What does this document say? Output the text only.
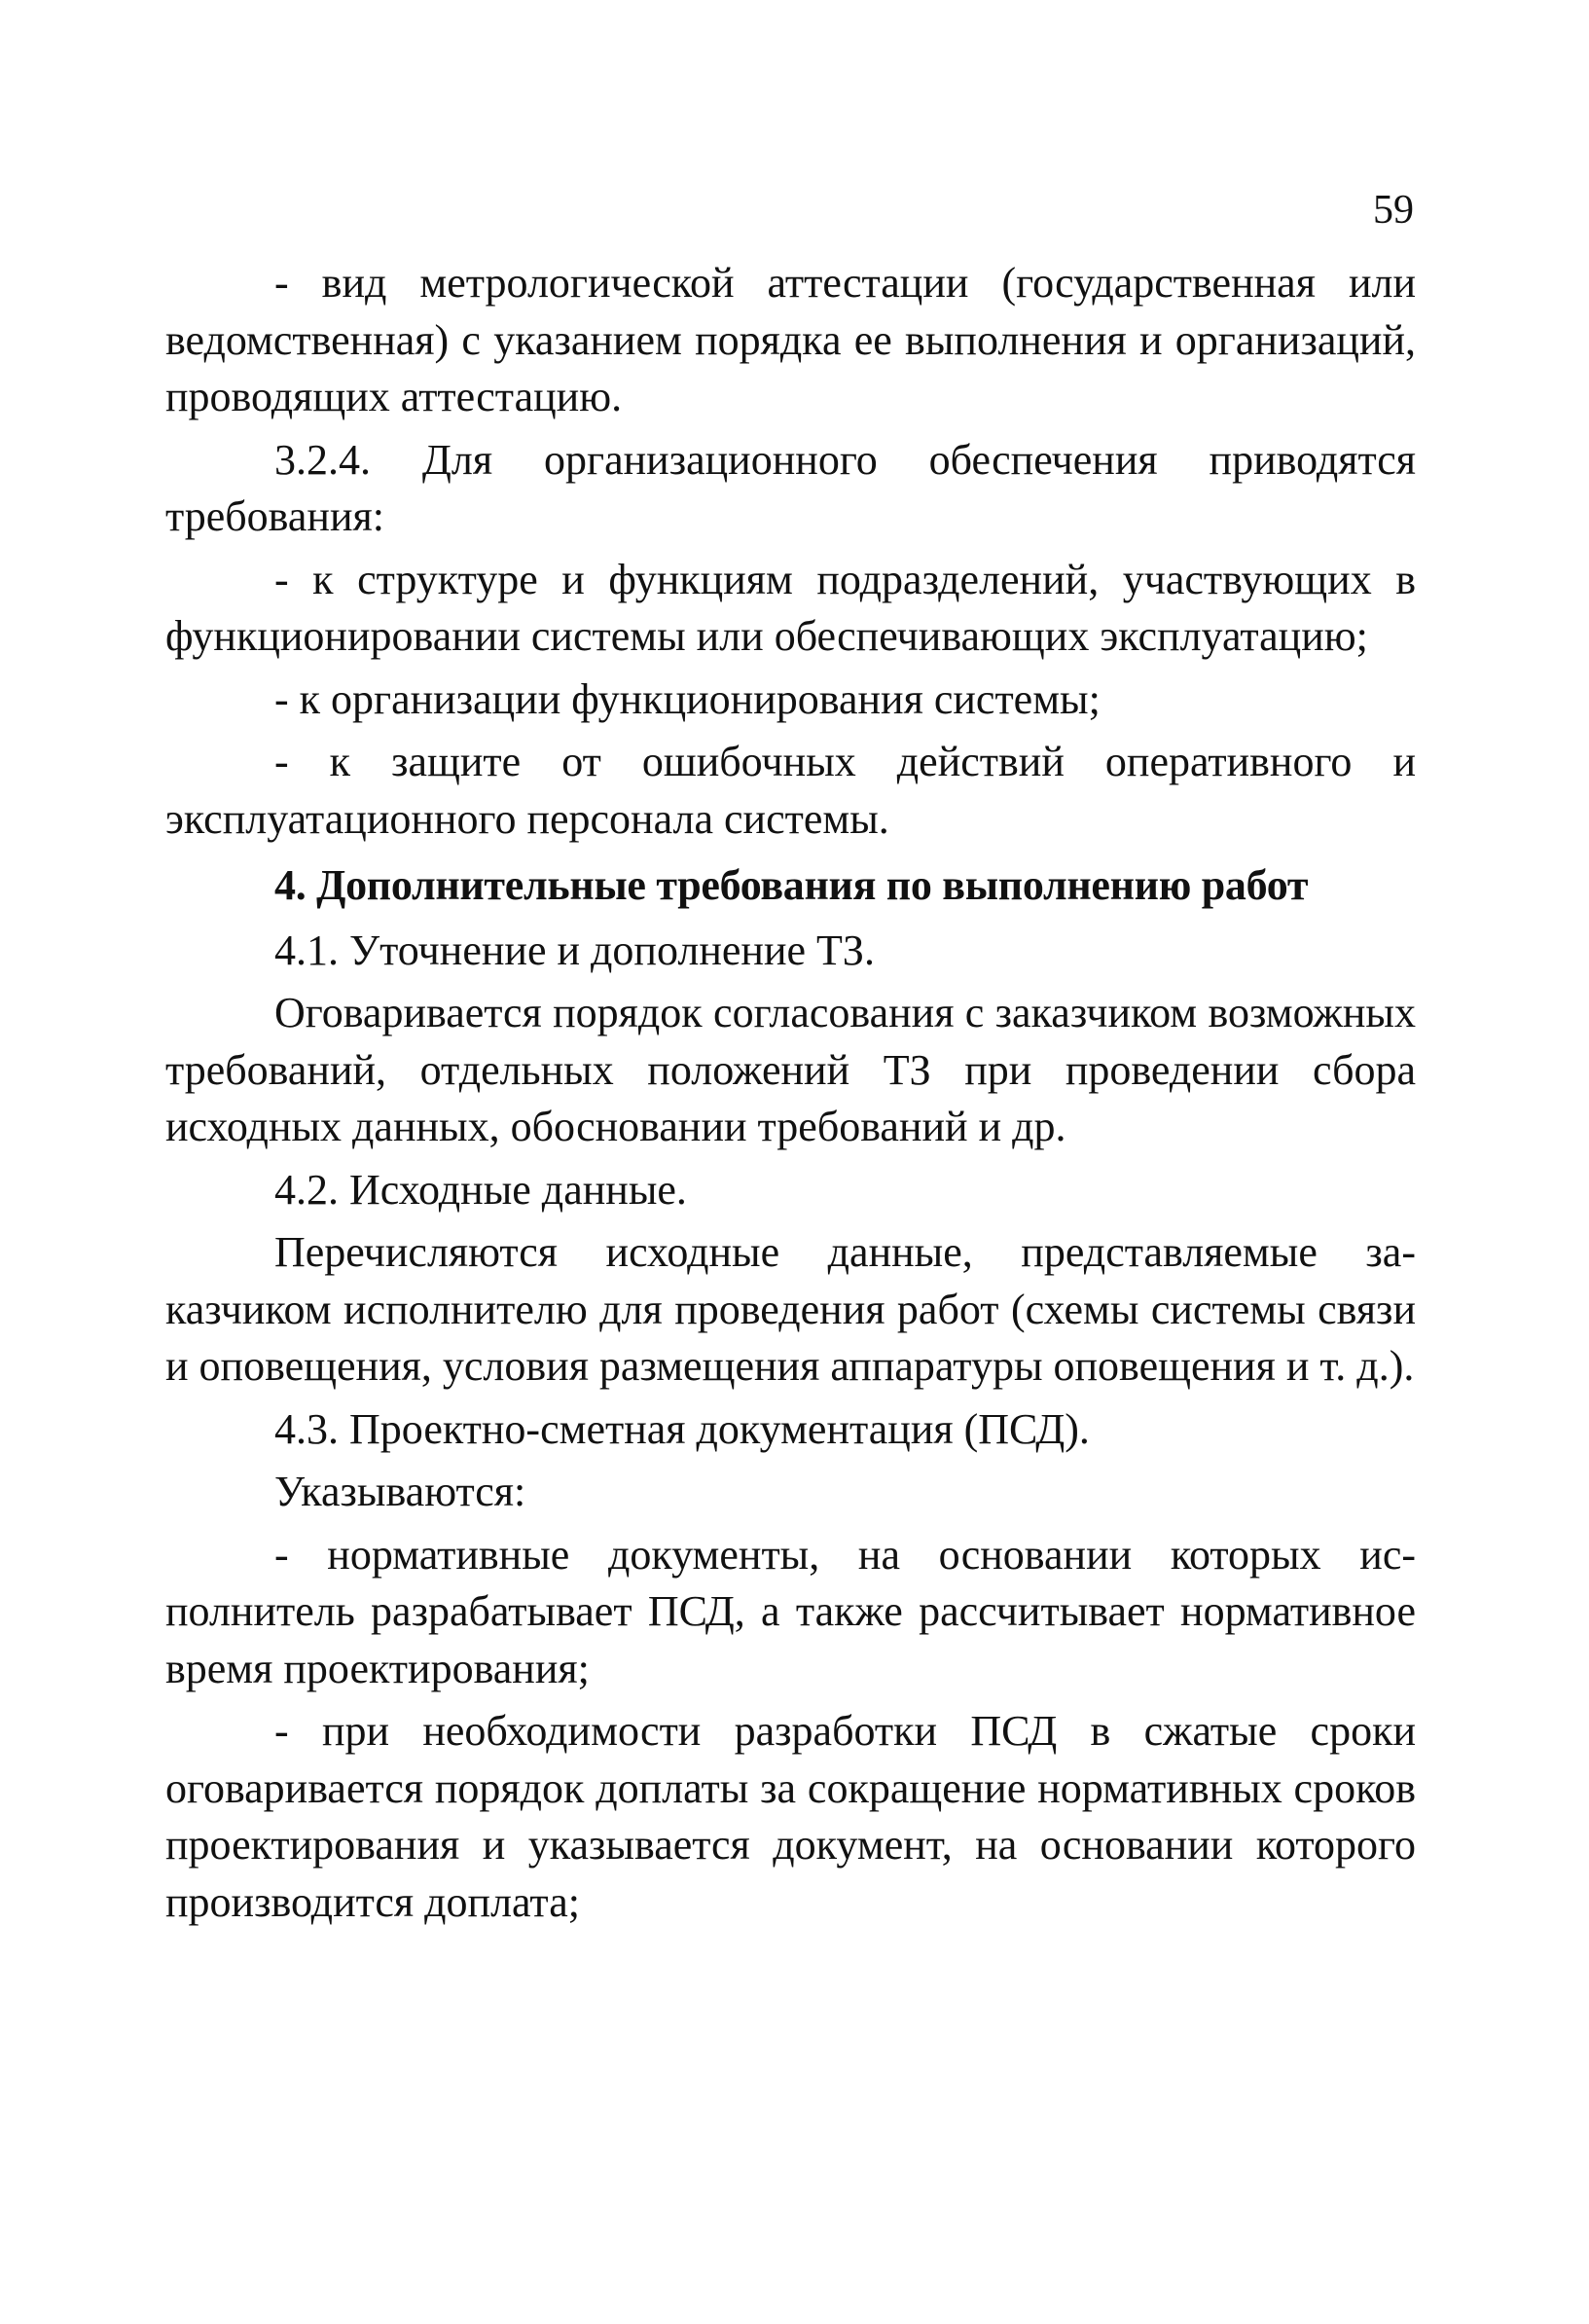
59

- вид метрологической аттестации (государственная или ведомственная) с указанием порядка ее выполнения и организаций, проводящих аттестацию.

3.2.4. Для организационного обеспечения приводятся требования:

- к структуре и функциям подразделений, участвующих в функционировании системы или обеспечивающих эксплуатацию;

- к организации функционирования системы;

- к защите от ошибочных действий оперативного и эксплуатационного персонала системы.

4. Дополнительные требования по выполнению работ

4.1. Уточнение и дополнение ТЗ.

Оговаривается порядок согласования с заказчиком возможных требований, отдельных положений ТЗ при проведении сбора исходных данных, обосновании требований и др.

4.2. Исходные данные.

Перечисляются исходные данные, представляемые заказчиком исполнителю для проведения работ (схемы системы связи и оповещения, условия размещения аппаратуры оповещения и т. д.).

4.3. Проектно-сметная документация (ПСД).

Указываются:

- нормативные документы, на основании которых исполнитель разрабатывает ПСД, а также рассчитывает нормативное время проектирования;

- при необходимости разработки ПСД в сжатые сроки оговаривается порядок доплаты за сокращение нормативных сроков проектирования и указывается документ, на основании которого производится доплата;
